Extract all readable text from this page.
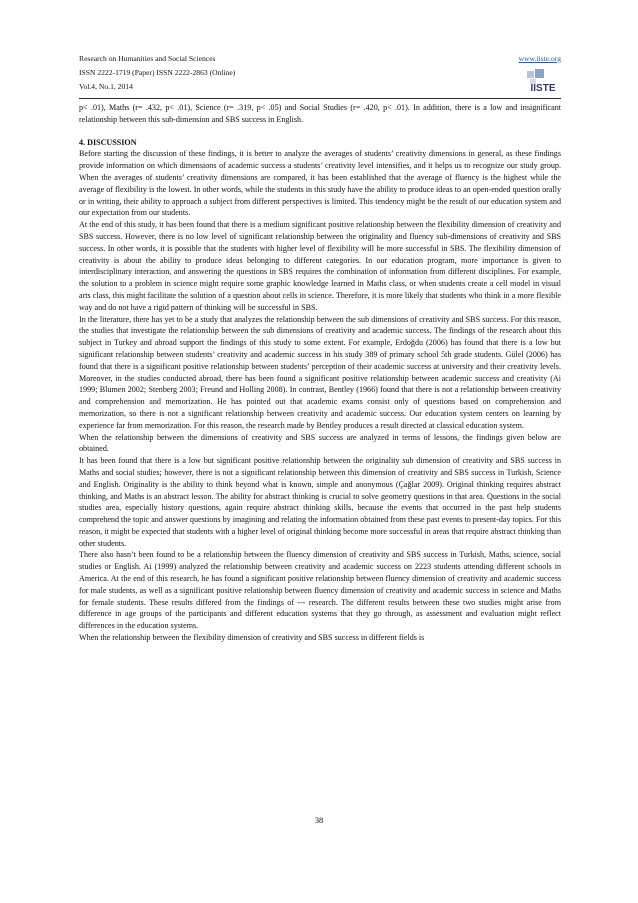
Research on Humanities and Social Sciences
ISSN 2222-1719 (Paper) ISSN 2222-2863 (Online)
Vol.4, No.1, 2014
www.iiste.org
IISTE

p< .01), Maths (r= .432, p< .01), Science (r= .319, p< .05) and Social Studies (r= .420, p< .01). In addition, there is a low and insignificant relationship between this sub-dimension and SBS success in English.

4. DISCUSSION

Before starting the discussion of these findings, it is better to analyze the averages of students’ creativity dimensions in general, as these findings provide information on which dimensions of academic success a students’ creativity level intensifies, and it helps us to recognize our study group. When the averages of students’ creativity dimensions are compared, it has been established that the average of fluency is the highest while the average of flexibility is the lowest. In other words, while the students in this study have the ability to produce ideas to an open-ended question orally or in writing, their ability to approach a subject from different perspectives is limited. This tendency might be the result of our education system and our expectation from our students.

At the end of this study, it has been found that there is a medium significant positive relationship between the flexibility dimension of creativity and SBS success. However, there is no low level of significant relationship between the originality and fluency sub-dimensions of creativity and SBS success. In other words, it is possible that the students with higher level of flexibility will be more successful in SBS. The flexibility dimension of creativity is about the ability to produce ideas belonging to different categories. In our education program, more importance is given to interdisciplinary interaction, and answering the questions in SBS requires the combination of information from different disciplines. For example, the solution to a problem in science might require some graphic knowledge learned in Maths class, or when students create a cell model in visual arts class, this might facilitate the solution of a question about cells in science. Therefore, it is more likely that students who think in a more flexible way and do not have a rigid pattern of thinking will be successful in SBS.

In the literature, there has yet to be a study that analyzes the relationship between the sub dimensions of creativity and SBS success. For this reason, the studies that investigate the relationship between the sub dimensions of creativity and academic success. The findings of the research about this subject in Turkey and abroad support the findings of this study to some extent. For example, Erdoğdu (2006) has found that there is a low but significant relationship between students’ creativity and academic success in his study 389 of primary school 5th grade students. Gülel (2006) has found that there is a significant positive relationship between students’ perception of their academic success at university and their creativity levels. Moreover, in the studies conducted abroad, there has been found a significant positive relationship between academic success and creativity (Ai 1999; Blumen 2002; Stenberg 2003; Freund and Holling 2008). In contrast, Bentley (1966) found that there is not a relationship between creativity and comprehension and memorization. He has pointed out that academic exams consist only of questions based on comprehension and memorization, so there is not a significant relationship between creativity and academic success. Our education system centers on learning by experience far from memorization. For this reason, the research made by Bentley produces a result directed at classical education system.

When the relationship between the dimensions of creativity and SBS success are analyzed in terms of lessons, the findings given below are obtained.

It has been found that there is a low but significant positive relationship between the originality sub dimension of creativity and SBS success in Maths and social studies; however, there is not a significant relationship between this dimension of creativity and SBS success in Turkish, Science and English. Originality is the ability to think beyond what is known, simple and anonymous (Çağlar 2009). Original thinking requires abstract thinking, and Maths is an abstract lesson. The ability for abstract thinking is crucial to solve geometry questions in that area. Questions in the social studies area, especially history questions, again require abstract thinking skills, because the events that occurred in the past help students comprehend the topic and answer questions by imagining and relating the information obtained from these past events to present-day topics. For this reason, it might be expected that students with a higher level of original thinking become more successful in areas that require abstract thinking than other students.

There also hasn’t been found to be a relationship between the fluency dimension of creativity and SBS success in Turkish, Maths, science, social studies or English. Ai (1999) analyzed the relationship between creativity and academic success on 2223 students attending different schools in America. At the end of this research, he has found a significant positive relationship between fluency dimension of creativity and academic success for male students, as well as a significant positive relationship between fluency dimension of creativity and academic success in science and Maths for female students. These results differed from the findings of --- research. The different results between these two studies might arise from difference in age groups of the participants and different education systems that they go through, as assessment and evaluation might reflect differences in the education systems.

When the relationship between the flexibility dimension of creativity and SBS success in different fields is

38
